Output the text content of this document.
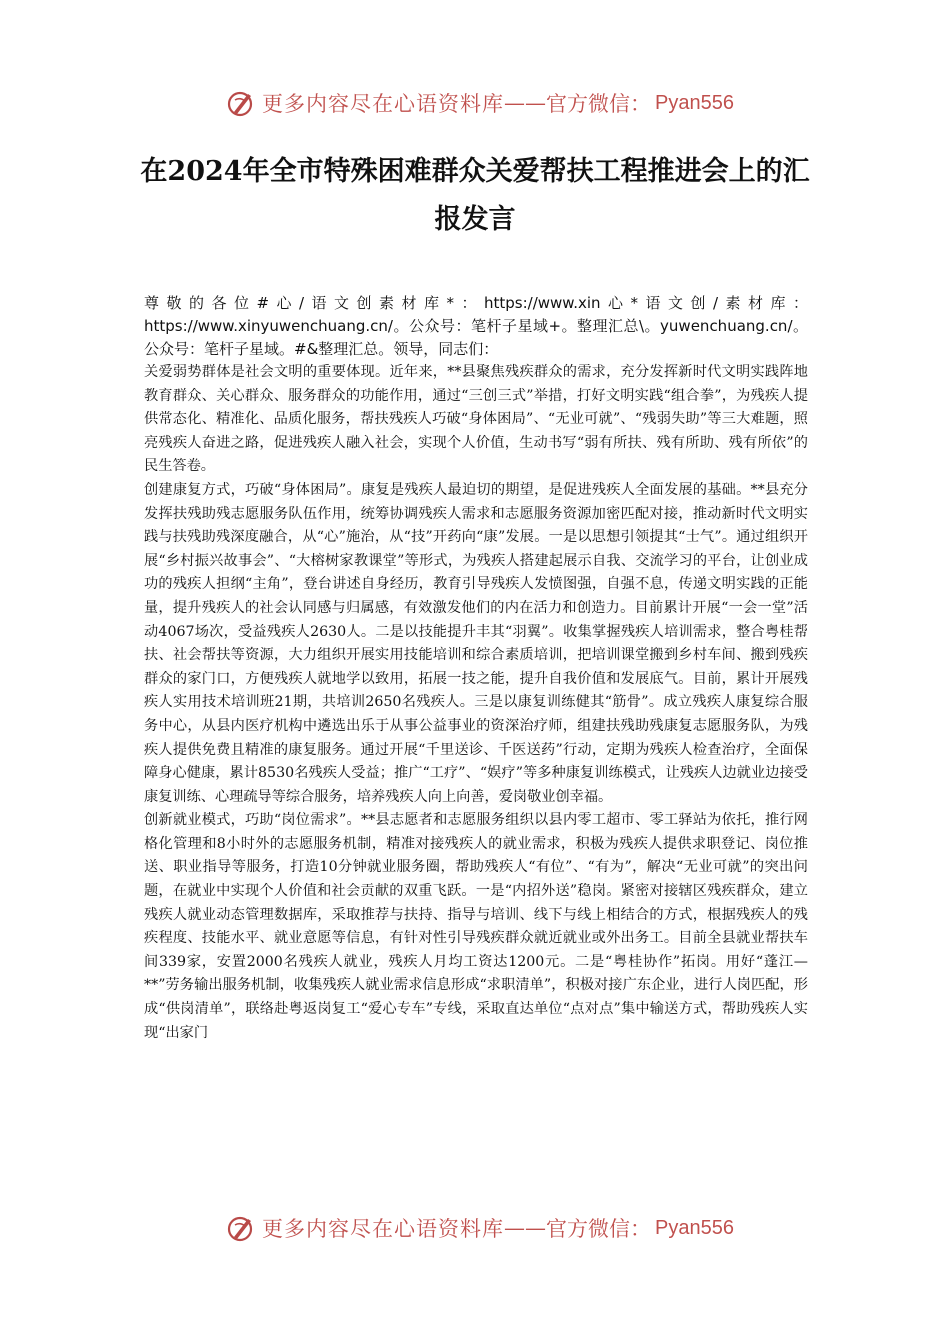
更多内容尽在心语资料库 —— 官方微信： Pyan556
在2024年全市特殊困难群众关爱帮扶工程推进会上的汇报发言

尊敬的各位#心/语文创素材库*：https://www.xin心*语文创/素材库：https://www.xinyuwenchuang.cn/。公众号：笔杆子星域+。整理汇总\。yuwenchuang.cn/。公众号：笔杆子星域。#&整理汇总。领导，同志们：

关爱弱势群体是社会文明的重要体现。近年来，**县聚焦残疾群众的需求，充分发挥新时代文明实践阵地教育群众、关心群众、服务群众的功能作用，通过“三创三式”举措，打好文明实践“组合拳”，为残疾人提供常态化、精准化、品质化服务，帮扶残疾人巧破“身体困局”、“无业可就”、“残弱失助”等三大难题，照亮残疾人奋进之路，促进残疾人融入社会，实现个人价值，生动书写“弱有所扶、残有所助、残有所依”的民生答卷。

创建康复方式，巧破“身体困局”。康复是残疾人最迫切的期望，是促进残疾人全面发展的基础。**县充分发挥扶残助残志愿服务队伍作用，统筹协调残疾人需求和志愿服务资源加密匹配对接，推动新时代文明实践与扶残助残深度融合，从“心”施治，从“技”开药向“康”发展。一是以思想引领提其“士气”。通过组织开展“乡村振兴故事会”、“大榕树家教课堂”等形式，为残疾人搭建起展示自我、交流学习的平台，让创业成功的残疾人担纲“主角”，登台讲述自身经历，教育引导残疾人发愤图强，自强不息，传递文明实践的正能量，提升残疾人的社会认同感与归属感，有效激发他们的内在活力和创造力。目前累计开展“一会一堂”活动4067场次，受益残疾人2630人。二是以技能提升丰其“羽翼”。收集掌握残疾人培训需求，整合粤桂帮扶、社会帮扶等资源，大力组织开展实用技能培训和综合素质培训，把培训课堂搬到乡村车间、搬到残疾群众的家门口，方便残疾人就地学以致用，拓展一技之能，提升自我价值和发展底气。目前，累计开展残疾人实用技术培训班21期，共培训2650名残疾人。三是以康复训练健其“筋骨”。成立残疾人康复综合服务中心，从县内医疗机构中遴选出乐于从事公益事业的资深治疗师，组建扶残助残康复志愿服务队，为残疾人提供免费且精准的康复服务。通过开展“千里送诊、千医送药”行动，定期为残疾人检查治疗，全面保障身心健康，累计8530名残疾人受益；推广“工疗”、“娱疗”等多种康复训练模式，让残疾人边就业边接受康复训练、心理疏导等综合服务，培养残疾人向上向善，爱岗敬业创幸福。

创新就业模式，巧助“岗位需求”。**县志愿者和志愿服务组织以县内零工超市、零工驿站为依托，推行网格化管理和8小时外的志愿服务机制，精准对接残疾人的就业需求，积极为残疾人提供求职登记、岗位推送、职业指导等服务，打造10分钟就业服务圈，帮助残疾人“有位”、“有为”，解决“无业可就”的突出问题，在就业中实现个人价值和社会贡献的双重飞跃。一是“内招外送”稳岗。紧密对接辖区残疾群众，建立残疾人就业动态管理数据库，采取推荐与扶持、指导与培训、线下与线上相结合的方式，根据残疾人的残疾程度、技能水平、就业意愿等信息，有针对性引导残疾群众就近就业或外出务工。目前全县就业帮扶车间339家，安置2000名残疾人就业，残疾人月均工资达1200元。二是“粤桂协作”拓岗。用好“蓬江—**”劳务输出服务机制，收集残疾人就业需求信息形成“求职清单”，积极对接广东企业，进行人岗匹配，形成“供岗清单”，联络赴粤返岗复工“爱心专车”专线，采取直达单位“点对点”集中输送方式，帮助残疾人实现“出家门

更多内容尽在心语资料库 —— 官方微信： Pyan556
